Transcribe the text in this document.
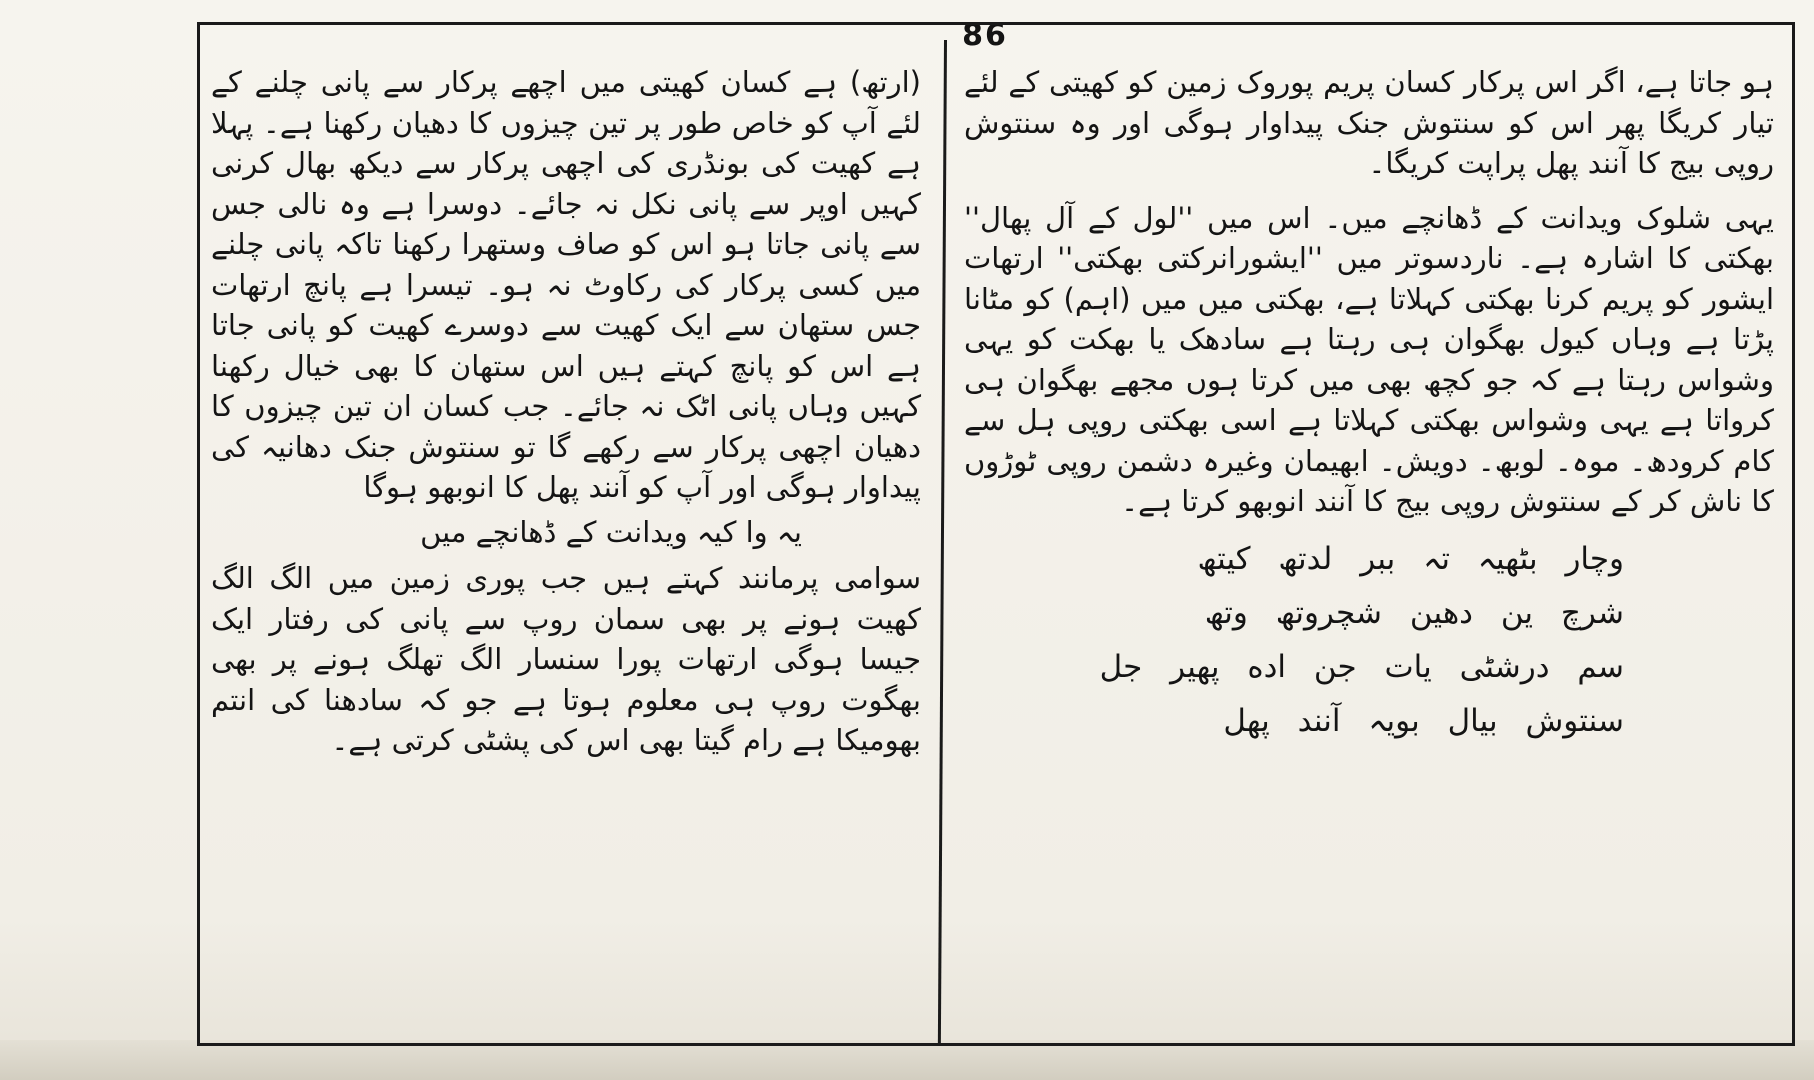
86

(ارتھ) ہے کسان کھیتی میں اچھے پرکار سے پانی چلنے کے لئے آپ کو خاص طور پر تین چیزوں کا دھیان رکھنا ہے۔ پہلا ہے کھیت کی بونڈری کی اچھی پرکار سے دیکھ بھال کرنی کہیں اوپر سے پانی نکل نہ جائے۔ دوسرا ہے وہ نالی جس سے پانی جاتا ہو اس کو صاف وستھرا رکھنا تاکہ پانی چلنے میں کسی پرکار کی رکاوٹ نہ ہو۔ تیسرا ہے پانچ ارتھات جس ستھان سے ایک کھیت سے دوسرے کھیت کو پانی جاتا ہے اس کو پانچ کہتے ہیں اس ستھان کا بھی خیال رکھنا کہیں وہاں پانی اٹک نہ جائے۔ جب کسان ان تین چیزوں کا دھیان اچھی پرکار سے رکھے گا تو سنتوش جنک دھانیہ کی پیداوار ہوگی اور آپ کو آنند پھل کا انوبھو ہوگا

یہ وا کیہ ویدانت کے ڈھانچے میں

سوامی پرمانند کہتے ہیں جب پوری زمین میں الگ الگ کھیت ہونے پر بھی سمان روپ سے پانی کی رفتار ایک جیسا ہوگی ارتھات پورا سنسار الگ تھلگ ہونے پر بھی بھگوت روپ ہی معلوم ہوتا ہے جو کہ سادھنا کی انتم بھومیکا ہے رام گیتا بھی اس کی پشٹی کرتی ہے۔

ہو جاتا ہے، اگر اس پرکار کسان پریم پوروک زمین کو کھیتی کے لئے تیار کریگا پھر اس کو سنتوش جنک پیداوار ہوگی اور وہ سنتوش روپی بیج کا آنند پھل پراپت کریگا۔

یہی شلوک ویدانت کے ڈھانچے میں۔ اس میں ''لول کے آل پھال'' بھکتی کا اشارہ ہے۔ ناردسوتر میں ''ایشورانرکتی بھکتی'' ارتھات ایشور کو پریم کرنا بھکتی کہلاتا ہے، بھکتی میں میں (اہم) کو مٹانا پڑتا ہے وہاں کیول بھگوان ہی رہتا ہے سادھک یا بھکت کو یہی وشواس رہتا ہے کہ جو کچھ بھی میں کرتا ہوں مجھے بھگوان ہی کرواتا ہے یہی وشواس بھکتی کہلاتا ہے اسی بھکتی روپی ہل سے کام کرودھ۔ موہ۔ لوبھ۔ دویش۔ ابھیمان وغیرہ دشمن روپی ٹوڑوں کا ناش کر کے سنتوش روپی بیج کا آنند انوبھو کرتا ہے۔

وچار بٹھیہ تہ ببر لدتھ کیتھ
شرچ ین دھین شچروتھ وتھ
سم درشٹی یات جن اده پھیر جل
سنتوش بیال بویہ آنند پھل
